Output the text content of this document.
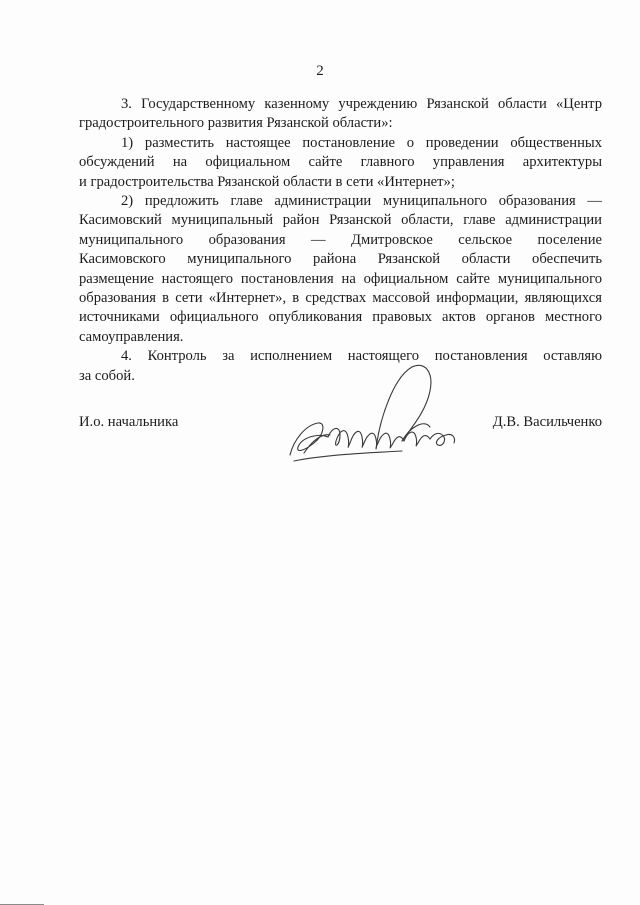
2

3. Государственному казенному учреждению Рязанской области «Центр
градостроительного развития Рязанской области»:

1) разместить настоящее постановление о проведении общественных
обсуждений на официальном сайте главного управления архитектуры
и градостроительства Рязанской области в сети «Интернет»;

2) предложить главе администрации муниципального образования —
Касимовский муниципальный район Рязанской области, главе администрации
муниципального образования — Дмитровское сельское поселение
Касимовского муниципального района Рязанской области обеспечить
размещение настоящего постановления на официальном сайте муниципального
образования в сети «Интернет», в средствах массовой информации, являющихся
источниками официального опубликования правовых актов органов местного
самоуправления.

4. Контроль за исполнением настоящего постановления оставляю
за собой.

И.о. начальника	Д.В. Васильченко
